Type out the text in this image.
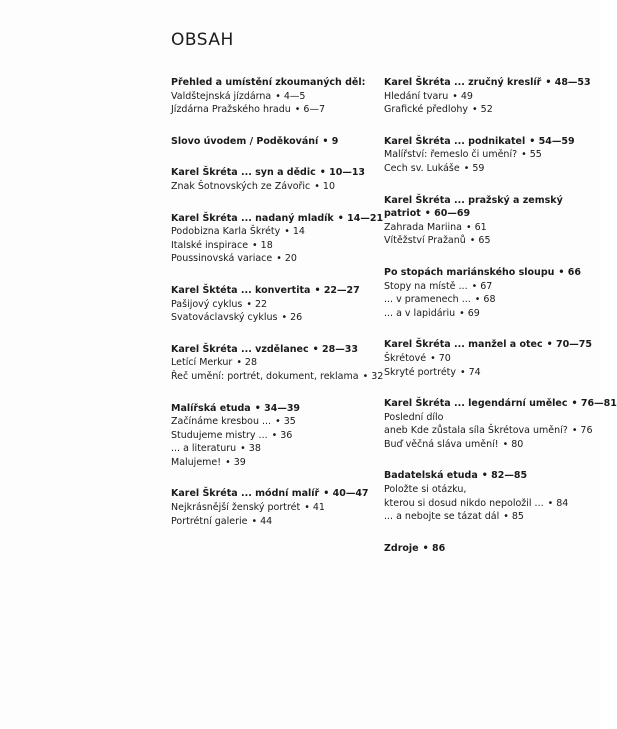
OBSAH
Přehled a umístění zkoumaných děl:
Valdštejnská jízdárna • 4—5
Jízdárna Pražského hradu • 6—7
Slovo úvodem / Poděkování • 9
Karel Škréta ... syn a dědic • 10—13
Znak Šotnovských ze Závořic • 10
Karel Škréta ... nadaný mladík • 14—21
Podobizna Karla Škréty • 14
Italské inspirace • 18
Poussinovská variace • 20
Karel Šktéta ... konvertita • 22—27
Pašijový cyklus • 22
Svatováclavský cyklus • 26
Karel Škréta ... vzdělanec • 28—33
Letící Merkur • 28
Řeč umění: portrét, dokument, reklama • 32
Malířská etuda • 34—39
Začínáme kresbou ... • 35
Studujeme mistry ... • 36
... a literaturu • 38
Malujeme! • 39
Karel Škréta ... módní malíř • 40—47
Nejkrásnější ženský portrét • 41
Portrétní galerie • 44
Karel Škréta ... zručný kreslíř • 48—53
Hledání tvaru • 49
Grafické předlohy • 52
Karel Škréta ... podnikatel • 54—59
Malířství: řemeslo či umění? • 55
Cech sv. Lukáše • 59
Karel Škréta ... pražský a zemský
patriot • 60—69
Zahrada Mariina • 61
Vítěžství Pražanů • 65
Po stopách mariánského sloupu • 66
Stopy na místě ... • 67
... v pramenech ... • 68
... a v lapidáriu • 69
Karel Škréta ... manžel a otec • 70—75
Škrétové • 70
Skryté portréty • 74
Karel Škréta ... legendární umělec • 76—81
Poslední dílo
aneb Kde zůstala síla Škrétova umění? • 76
Buď věčná sláva umění! • 80
Badatelská etuda • 82—85
Položte si otázku,
kterou si dosud nikdo nepoložil ... • 84
... a nebojte se tázat dál • 85
Zdroje • 86
